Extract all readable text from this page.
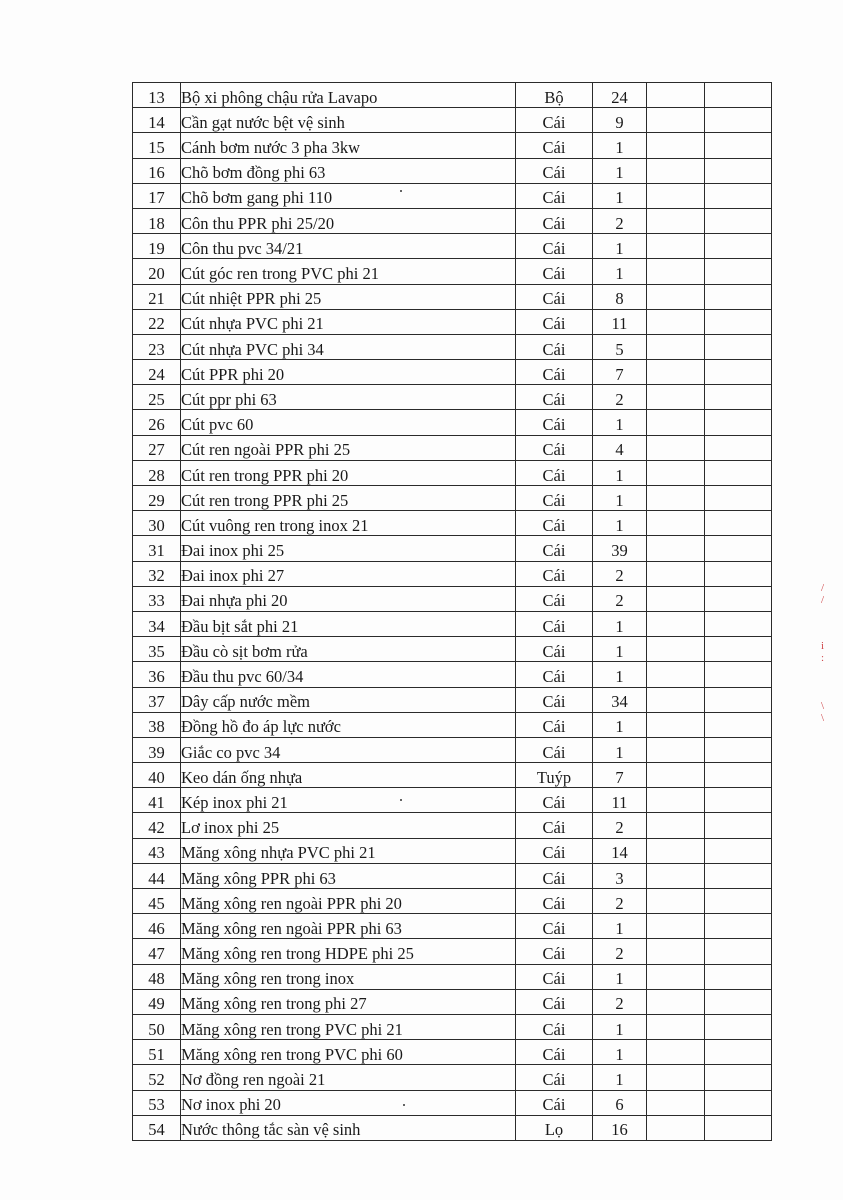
13	Bộ xi phông chậu rửa Lavapo	Bộ	24		
14	Cần gạt nước bệt vệ sinh	Cái	9		
15	Cánh bơm nước 3 pha 3kw	Cái	1		
16	Chõ bơm đồng phi 63	Cái	1		
17	Chõ bơm gang phi 110	Cái	1		
18	Côn thu PPR phi 25/20	Cái	2		
19	Côn thu pvc 34/21	Cái	1		
20	Cút góc ren trong PVC phi 21	Cái	1		
21	Cút nhiệt PPR phi 25	Cái	8		
22	Cút nhựa PVC phi 21	Cái	11		
23	Cút nhựa PVC phi 34	Cái	5		
24	Cút PPR phi 20	Cái	7		
25	Cút ppr phi 63	Cái	2		
26	Cút pvc 60	Cái	1		
27	Cút ren ngoài PPR phi 25	Cái	4		
28	Cút ren trong PPR phi 20	Cái	1		
29	Cút ren trong PPR phi 25	Cái	1		
30	Cút vuông ren trong inox 21	Cái	1		
31	Đai inox phi 25	Cái	39		
32	Đai inox phi 27	Cái	2		
33	Đai nhựa phi 20	Cái	2		
34	Đầu bịt sắt phi 21	Cái	1		
35	Đầu cò sịt bơm rửa	Cái	1		
36	Đầu thu pvc 60/34	Cái	1		
37	Dây cấp nước mềm	Cái	34		
38	Đồng hồ đo áp lực nước	Cái	1		
39	Giắc co pvc 34	Cái	1		
40	Keo dán ống nhựa	Tuýp	7		
41	Kép inox phi 21	Cái	11		
42	Lơ inox phi 25	Cái	2		
43	Măng xông nhựa PVC phi 21	Cái	14		
44	Măng xông PPR phi 63	Cái	3		
45	Măng xông ren ngoài PPR phi 20	Cái	2		
46	Măng xông ren ngoài PPR phi 63	Cái	1		
47	Măng xông ren trong HDPE phi 25	Cái	2		
48	Măng xông ren trong inox	Cái	1		
49	Măng xông ren trong phi 27	Cái	2		
50	Măng xông ren trong PVC phi 21	Cái	1		
51	Măng xông ren trong PVC phi 60	Cái	1		
52	Nơ đồng ren ngoài 21	Cái	1		
53	Nơ inox phi 20	Cái	6		
54	Nước thông tắc sàn vệ sinh	Lọ	16		
/
/
i
:
\
\
